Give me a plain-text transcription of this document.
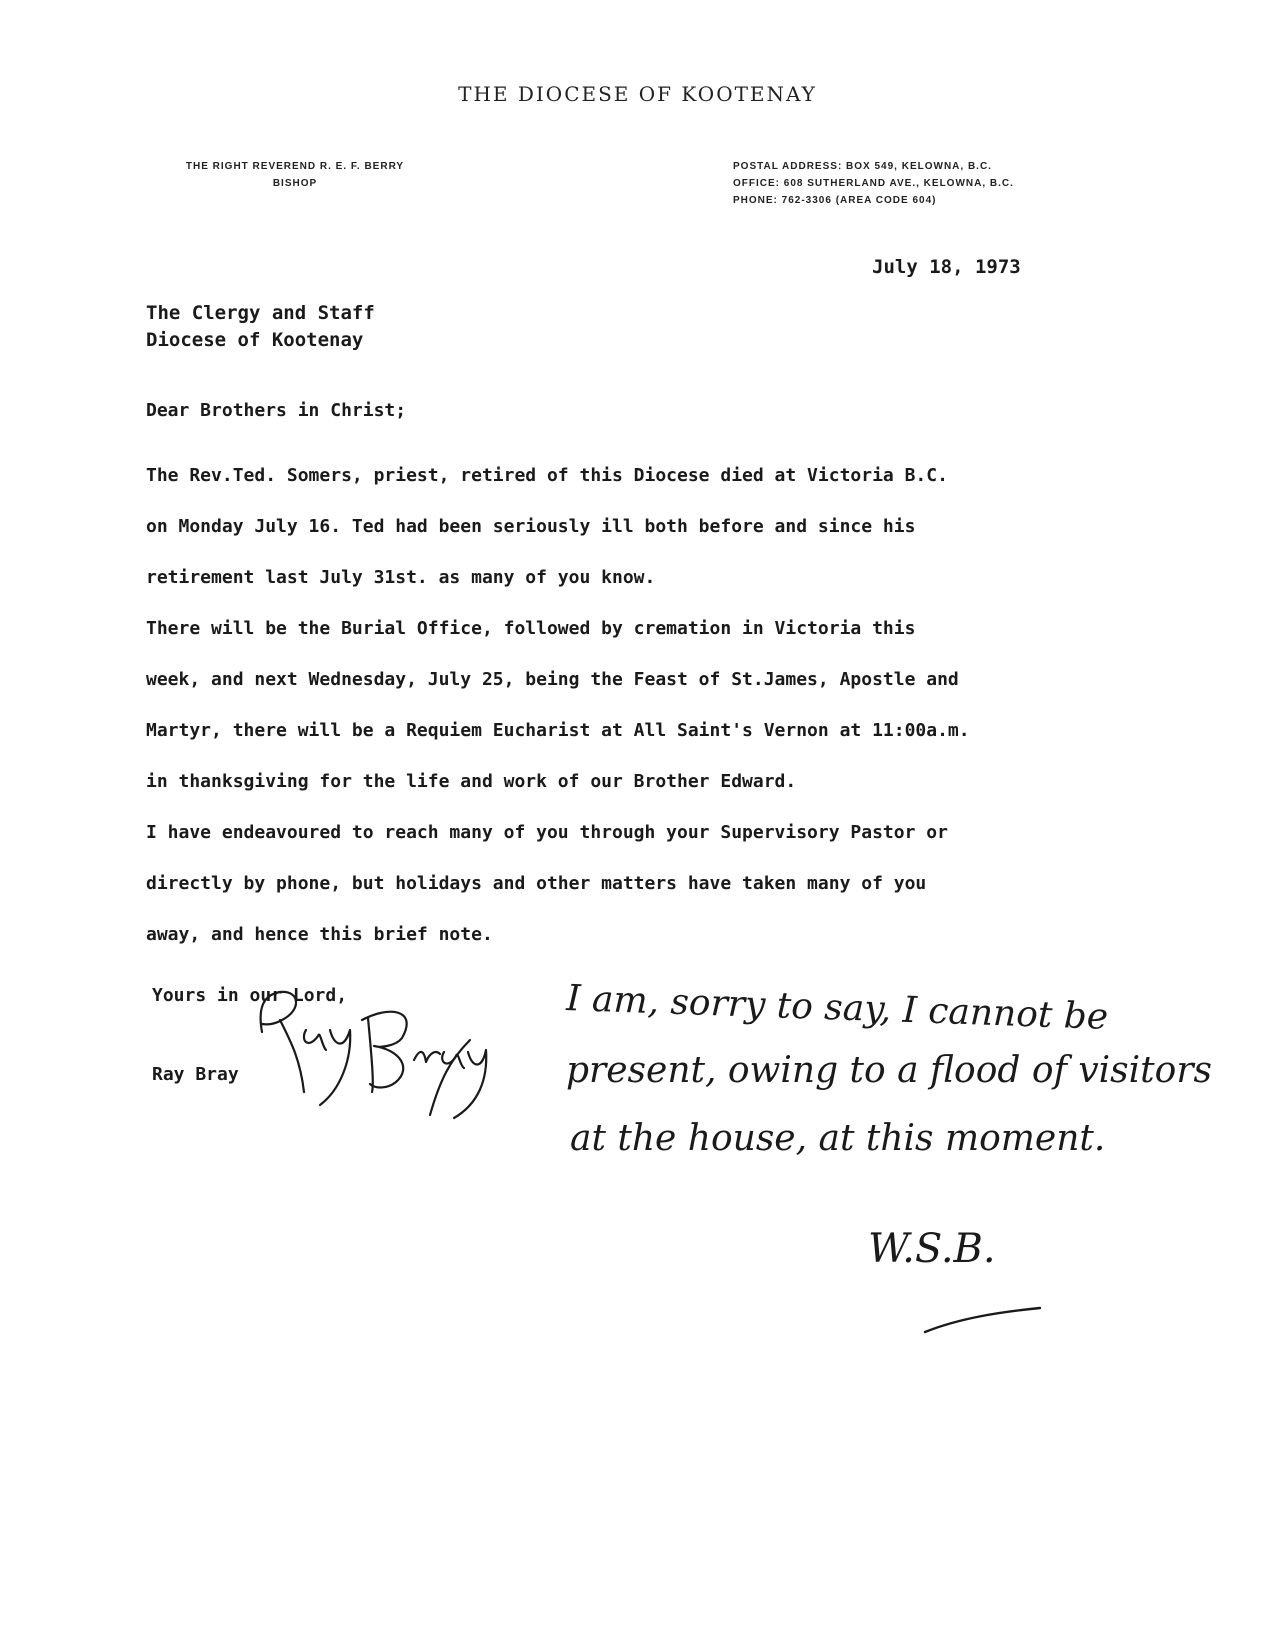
THE DIOCESE OF KOOTENAY
THE RIGHT REVEREND R. E. F. BERRY
BISHOP
POSTAL ADDRESS: BOX 549, KELOWNA, B.C.
OFFICE: 608 SUTHERLAND AVE., KELOWNA, B.C.
PHONE: 762-3306 (AREA CODE 604)
July 18, 1973
The Clergy and Staff
Diocese of Kootenay
Dear Brothers in Christ;
The Rev.Ted. Somers, priest, retired of this Diocese died at Victoria B.C.
on Monday July 16. Ted had been seriously ill both before and since his
retirement last July 31st. as many of you know.
There will be the Burial Office, followed by cremation in Victoria this
week, and next Wednesday, July 25, being the Feast of St.James, Apostle and
Martyr, there will be a Requiem Eucharist at All Saint's Vernon at 11:00a.m.
in thanksgiving for the life and work of our Brother Edward.
I have endeavoured to reach many of you through your Supervisory Pastor or
directly by phone, but holidays and other matters have taken many of you
away, and hence this brief note.
Yours in our Lord,
Ray Bray
I am, sorry to say, I cannot be
present, owing to a flood of visitors
at the house, at this moment.
W.S.B.
